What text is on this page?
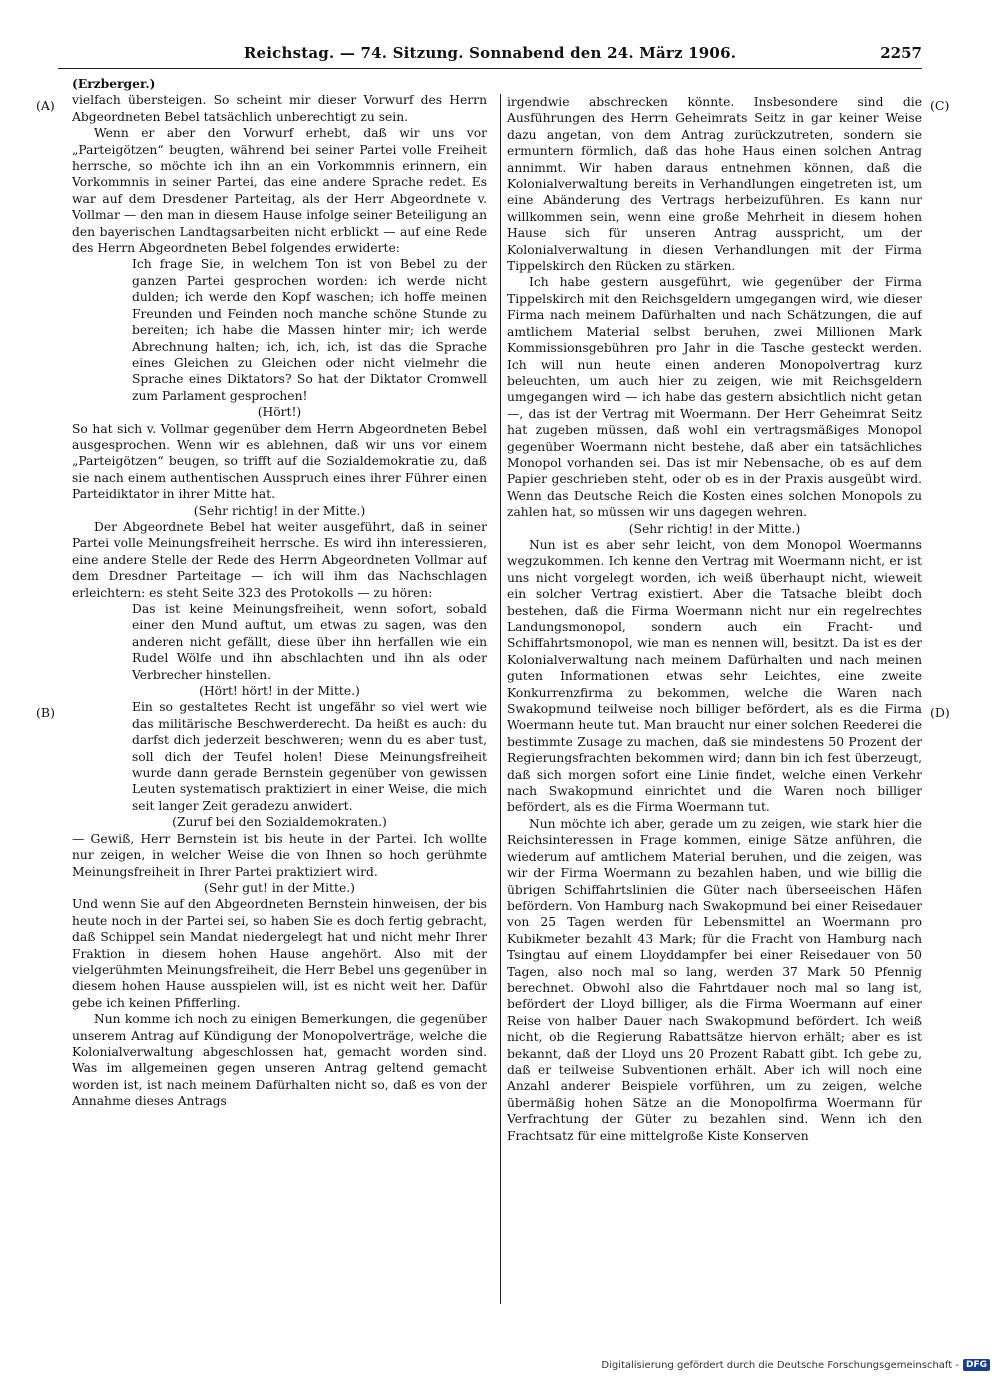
Reichstag. — 74. Sitzung. Sonnabend den 24. März 1906.	2257
(A)
(B)
(C)
(D)

(Erzberger.)

vielfach übersteigen. So scheint mir dieser Vorwurf des Herrn Abgeordneten Bebel tatsächlich unberechtigt zu sein.

Wenn er aber den Vorwurf erhebt, daß wir uns vor „Parteigötzen“ beugten, während bei seiner Partei volle Freiheit herrsche, so möchte ich ihn an ein Vorkommnis erinnern, ein Vorkommnis in seiner Partei, das eine andere Sprache redet. Es war auf dem Dresdener Parteitag, als der Herr Abgeordnete v. Vollmar — den man in diesem Hause infolge seiner Beteiligung an den bayerischen Landtagsarbeiten nicht erblickt — auf eine Rede des Herrn Abgeordneten Bebel folgendes erwiderte:

Ich frage Sie, in welchem Ton ist von Bebel zu der ganzen Partei gesprochen worden: ich werde nicht dulden; ich werde den Kopf waschen; ich hoffe meinen Freunden und Feinden noch manche schöne Stunde zu bereiten; ich habe die Massen hinter mir; ich werde Abrechnung halten; ich, ich, ich, ist das die Sprache eines Gleichen zu Gleichen oder nicht vielmehr die Sprache eines Diktators? So hat der Diktator Cromwell zum Parlament gesprochen!

(Hört!)

So hat sich v. Vollmar gegenüber dem Herrn Abgeordneten Bebel ausgesprochen. Wenn wir es ablehnen, daß wir uns vor einem „Parteigötzen“ beugen, so trifft auf die Sozialdemokratie zu, daß sie nach einem authentischen Ausspruch eines ihrer Führer einen Parteidiktator in ihrer Mitte hat.

(Sehr richtig! in der Mitte.)

Der Abgeordnete Bebel hat weiter ausgeführt, daß in seiner Partei volle Meinungsfreiheit herrsche. Es wird ihn interessieren, eine andere Stelle der Rede des Herrn Abgeordneten Vollmar auf dem Dresdner Parteitage — ich will ihm das Nachschlagen erleichtern: es steht Seite 323 des Protokolls — zu hören:

Das ist keine Meinungsfreiheit, wenn sofort, sobald einer den Mund auftut, um etwas zu sagen, was den anderen nicht gefällt, diese über ihn herfallen wie ein Rudel Wölfe und ihn abschlachten und ihn als oder Verbrecher hinstellen.

(Hört! hört! in der Mitte.)

Ein so gestaltetes Recht ist ungefähr so viel wert wie das militärische Beschwerderecht. Da heißt es auch: du darfst dich jederzeit beschweren; wenn du es aber tust, soll dich der Teufel holen! Diese Meinungsfreiheit wurde dann gerade Bernstein gegenüber von gewissen Leuten systematisch praktiziert in einer Weise, die mich seit langer Zeit geradezu anwidert.

(Zuruf bei den Sozialdemokraten.)

— Gewiß, Herr Bernstein ist bis heute in der Partei. Ich wollte nur zeigen, in welcher Weise die von Ihnen so hoch gerühmte Meinungsfreiheit in Ihrer Partei praktiziert wird.

(Sehr gut! in der Mitte.)

Und wenn Sie auf den Abgeordneten Bernstein hinweisen, der bis heute noch in der Partei sei, so haben Sie es doch fertig gebracht, daß Schippel sein Mandat niedergelegt hat und nicht mehr Ihrer Fraktion in diesem hohen Hause angehört. Also mit der vielgerühmten Meinungsfreiheit, die Herr Bebel uns gegenüber in diesem hohen Hause ausspielen will, ist es nicht weit her. Dafür gebe ich keinen Pfifferling.

Nun komme ich noch zu einigen Bemerkungen, die gegenüber unserem Antrag auf Kündigung der Monopolverträge, welche die Kolonialverwaltung abgeschlossen hat, gemacht worden sind. Was im allgemeinen gegen unseren Antrag geltend gemacht worden ist, ist nach meinem Dafürhalten nicht so, daß es von der Annahme dieses Antrags

irgendwie abschrecken könnte. Insbesondere sind die Ausführungen des Herrn Geheimrats Seitz in gar keiner Weise dazu angetan, von dem Antrag zurückzutreten, sondern sie ermuntern förmlich, daß das hohe Haus einen solchen Antrag annimmt. Wir haben daraus entnehmen können, daß die Kolonialverwaltung bereits in Verhandlungen eingetreten ist, um eine Abänderung des Vertrags herbeizuführen. Es kann nur willkommen sein, wenn eine große Mehrheit in diesem hohen Hause sich für unseren Antrag ausspricht, um der Kolonialverwaltung in diesen Verhandlungen mit der Firma Tippelskirch den Rücken zu stärken.

Ich habe gestern ausgeführt, wie gegenüber der Firma Tippelskirch mit den Reichsgeldern umgegangen wird, wie dieser Firma nach meinem Dafürhalten und nach Schätzungen, die auf amtlichem Material selbst beruhen, zwei Millionen Mark Kommissionsgebühren pro Jahr in die Tasche gesteckt werden. Ich will nun heute einen anderen Monopolvertrag kurz beleuchten, um auch hier zu zeigen, wie mit Reichsgeldern umgegangen wird — ich habe das gestern absichtlich nicht getan —, das ist der Vertrag mit Woermann. Der Herr Geheimrat Seitz hat zugeben müssen, daß wohl ein vertragsmäßiges Monopol gegenüber Woermann nicht bestehe, daß aber ein tatsächliches Monopol vorhanden sei. Das ist mir Nebensache, ob es auf dem Papier geschrieben steht, oder ob es in der Praxis ausgeübt wird. Wenn das Deutsche Reich die Kosten eines solchen Monopols zu zahlen hat, so müssen wir uns dagegen wehren.

(Sehr richtig! in der Mitte.)

Nun ist es aber sehr leicht, von dem Monopol Woermanns wegzukommen. Ich kenne den Vertrag mit Woermann nicht, er ist uns nicht vorgelegt worden, ich weiß überhaupt nicht, wieweit ein solcher Vertrag existiert. Aber die Tatsache bleibt doch bestehen, daß die Firma Woermann nicht nur ein regelrechtes Landungsmonopol, sondern auch ein Fracht- und Schiffahrtsmonopol, wie man es nennen will, besitzt. Da ist es der Kolonialverwaltung nach meinem Dafürhalten und nach meinen guten Informationen etwas sehr Leichtes, eine zweite Konkurrenzfirma zu bekommen, welche die Waren nach Swakopmund teilweise noch billiger befördert, als es die Firma Woermann heute tut. Man braucht nur einer solchen Reederei die bestimmte Zusage zu machen, daß sie mindestens 50 Prozent der Regierungsfrachten bekommen wird; dann bin ich fest überzeugt, daß sich morgen sofort eine Linie findet, welche einen Verkehr nach Swakopmund einrichtet und die Waren noch billiger befördert, als es die Firma Woermann tut.

Nun möchte ich aber, gerade um zu zeigen, wie stark hier die Reichsinteressen in Frage kommen, einige Sätze anführen, die wiederum auf amtlichem Material beruhen, und die zeigen, was wir der Firma Woermann zu bezahlen haben, und wie billig die übrigen Schiffahrtslinien die Güter nach überseeischen Häfen befördern. Von Hamburg nach Swakopmund bei einer Reisedauer von 25 Tagen werden für Lebensmittel an Woermann pro Kubikmeter bezahlt 43 Mark; für die Fracht von Hamburg nach Tsingtau auf einem Lloyddampfer bei einer Reisedauer von 50 Tagen, also noch mal so lang, werden 37 Mark 50 Pfennig berechnet. Obwohl also die Fahrtdauer noch mal so lang ist, befördert der Lloyd billiger, als die Firma Woermann auf einer Reise von halber Dauer nach Swakopmund befördert. Ich weiß nicht, ob die Regierung Rabattsätze hiervon erhält; aber es ist bekannt, daß der Lloyd uns 20 Prozent Rabatt gibt. Ich gebe zu, daß er teilweise Subventionen erhält. Aber ich will noch eine Anzahl anderer Beispiele vorführen, um zu zeigen, welche übermäßig hohen Sätze an die Monopolfirma Woermann für Verfrachtung der Güter zu bezahlen sind. Wenn ich den Frachtsatz für eine mittelgroße Kiste Konserven

Digitalisierung gefördert durch die Deutsche Forschungsgemeinschaft - DFG
